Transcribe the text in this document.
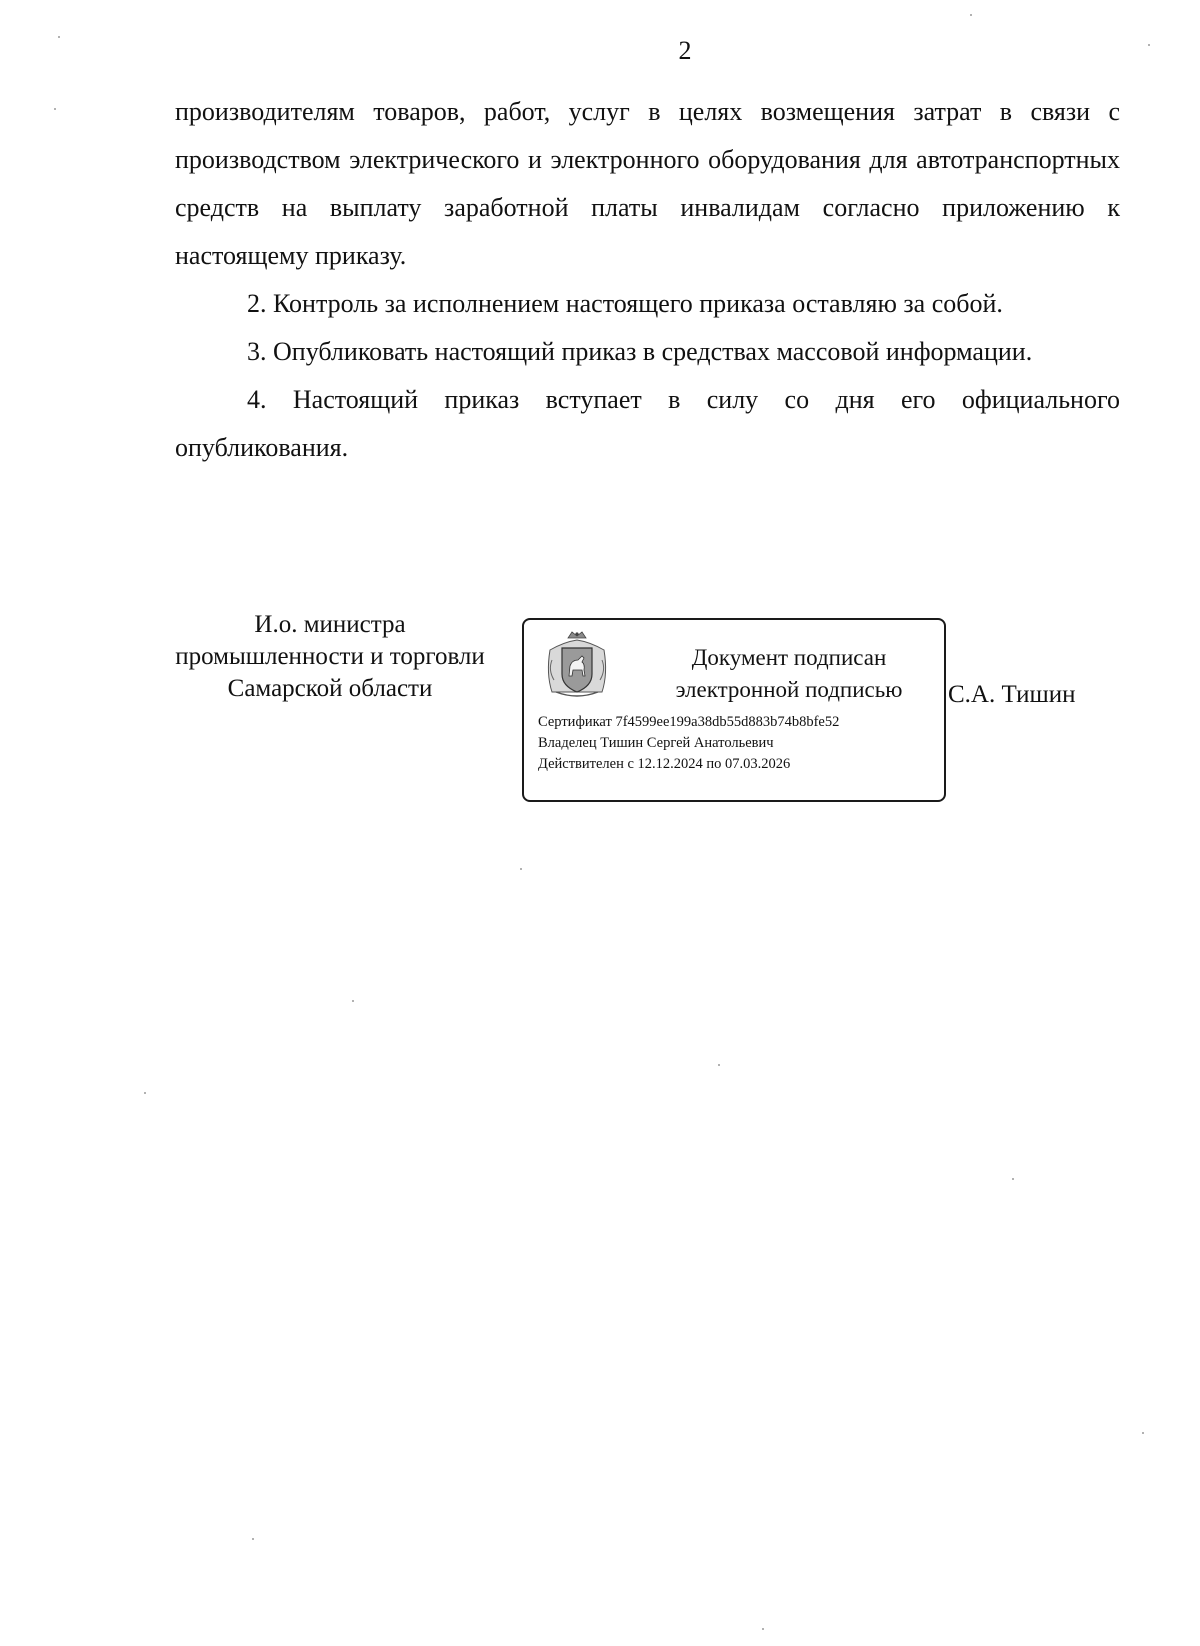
2

производителям товаров, работ, услуг в целях возмещения затрат в связи с производством электрического и электронного оборудования для автотранспортных средств на выплату заработной платы инвалидам согласно приложению к настоящему приказу.

2. Контроль за исполнением настоящего приказа оставляю за собой.

3. Опубликовать настоящий приказ в средствах массовой информации.

4. Настоящий приказ вступает в силу со дня его официального опубликования.

И.о. министра
промышленности и торговли
Самарской области
Документ подписан
электронной подписью
Сертификат 7f4599ee199a38db55d883b74b8bfe52
Владелец Тишин Сергей Анатольевич
Действителен с 12.12.2024 по 07.03.2026
С.А. Тишин
